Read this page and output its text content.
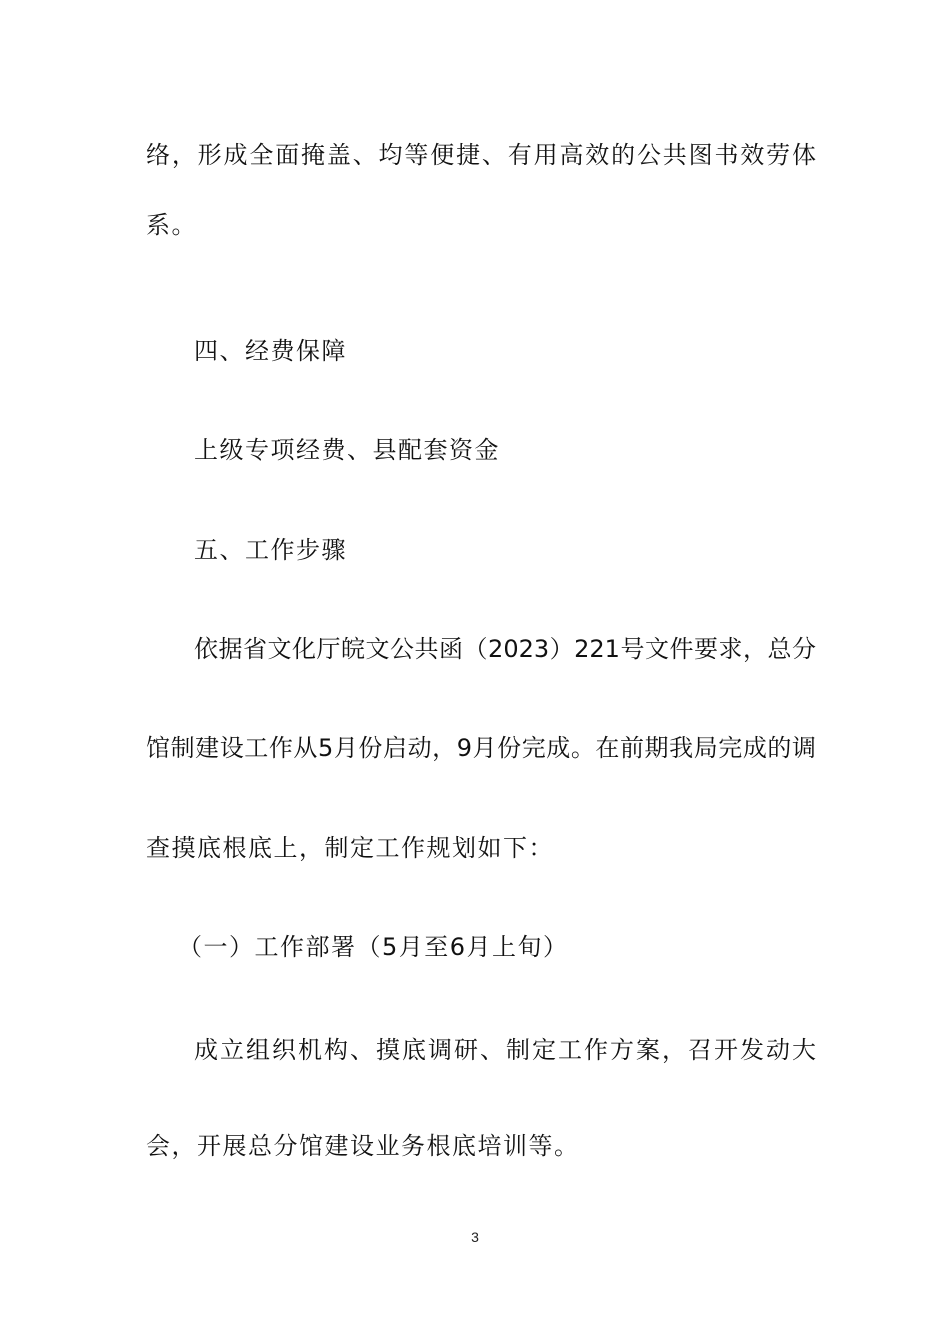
络，形成全面掩盖、均等便捷、有用高效的公共图书效劳体
系。
四、经费保障
上级专项经费、县配套资金
五、工作步骤
依据省文化厅皖文公共函（2023）221号文件要求，总分
馆制建设工作从5月份启动，9月份完成。在前期我局完成的调
查摸底根底上，制定工作规划如下：
（一）工作部署（5月至6月上旬）
成立组织机构、摸底调研、制定工作方案，召开发动大
会，开展总分馆建设业务根底培训等。
3
